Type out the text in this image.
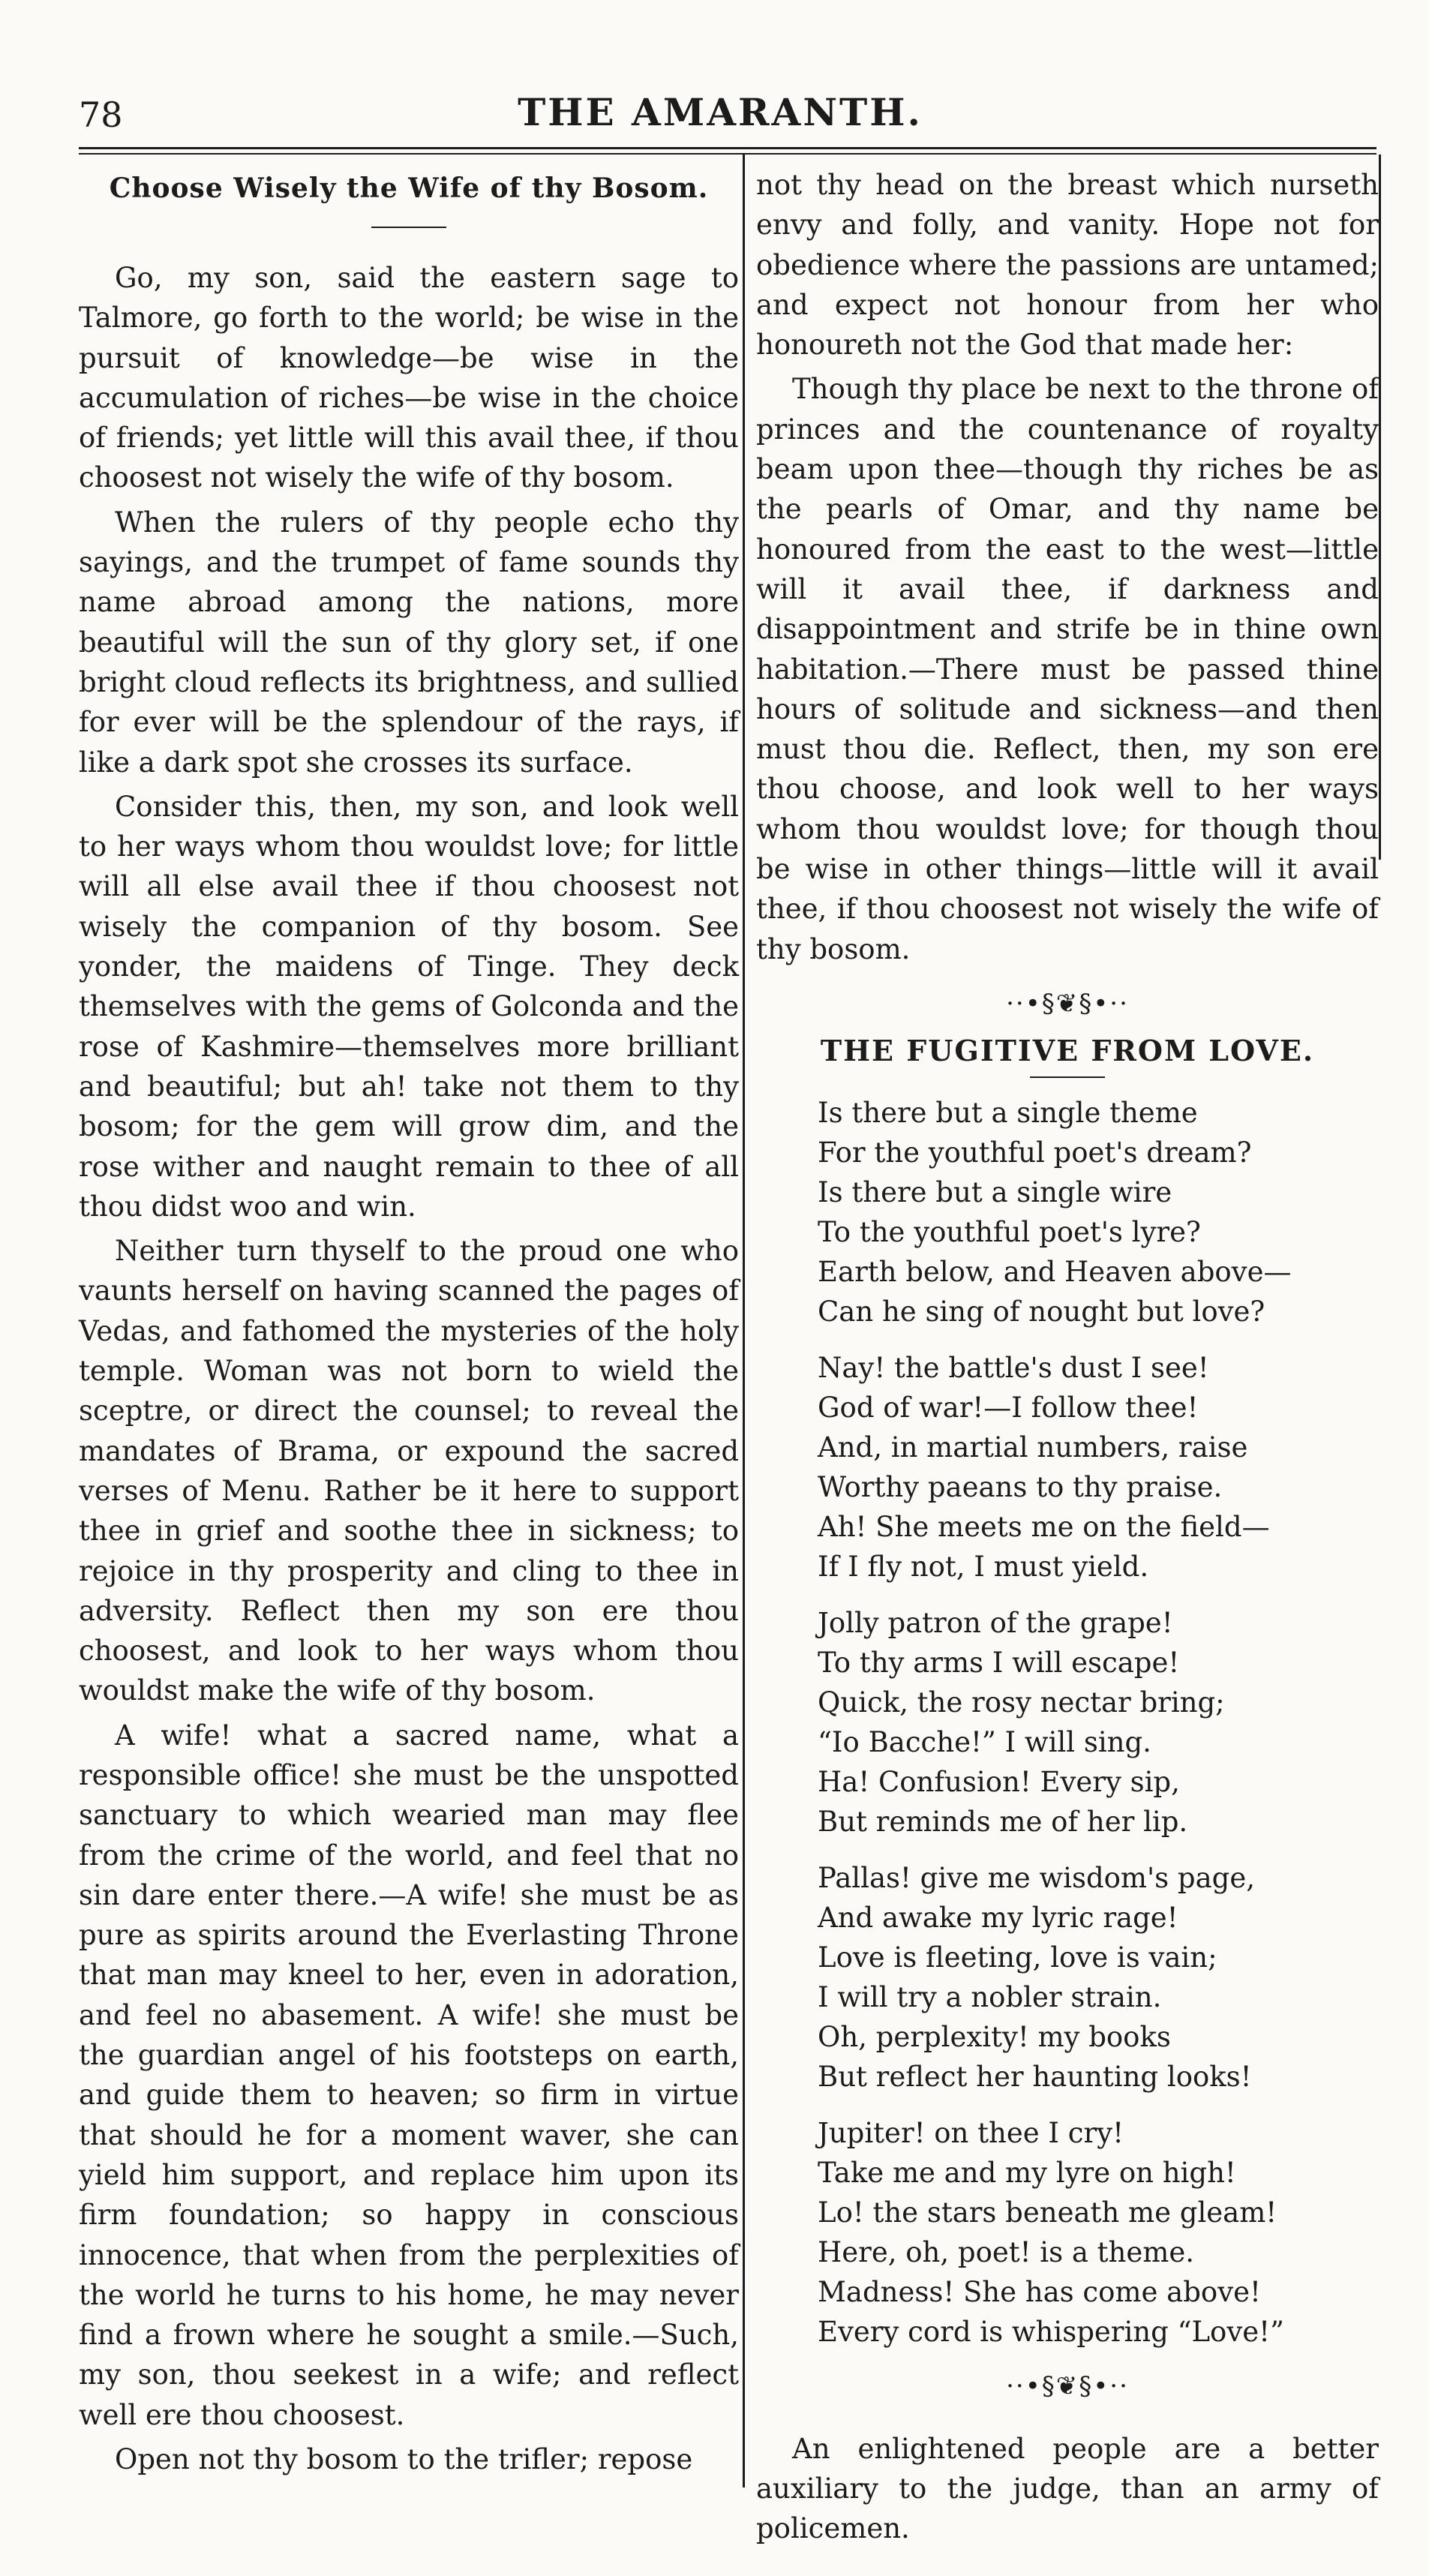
78	THE AMARANTH.
Choose Wisely the Wife of thy Bosom.

Go, my son, said the eastern sage to Talmore, go forth to the world; be wise in the pursuit of knowledge—be wise in the accumulation of riches—be wise in the choice of friends; yet little will this avail thee, if thou choosest not wisely the wife of thy bosom.

When the rulers of thy people echo thy sayings, and the trumpet of fame sounds thy name abroad among the nations, more beautiful will the sun of thy glory set, if one bright cloud reflects its brightness, and sullied for ever will be the splendour of the rays, if like a dark spot she crosses its surface.

Consider this, then, my son, and look well to her ways whom thou wouldst love; for little will all else avail thee if thou choosest not wisely the companion of thy bosom. See yonder, the maidens of Tinge. They deck themselves with the gems of Golconda and the rose of Kashmire—themselves more brilliant and beautiful; but ah! take not them to thy bosom; for the gem will grow dim, and the rose wither and naught remain to thee of all thou didst woo and win.

Neither turn thyself to the proud one who vaunts herself on having scanned the pages of Vedas, and fathomed the mysteries of the holy temple. Woman was not born to wield the sceptre, or direct the counsel; to reveal the mandates of Brama, or expound the sacred verses of Menu. Rather be it here to support thee in grief and soothe thee in sickness; to rejoice in thy prosperity and cling to thee in adversity. Reflect then my son ere thou choosest, and look to her ways whom thou wouldst make the wife of thy bosom.

A wife! what a sacred name, what a responsible office! she must be the unspotted sanctuary to which wearied man may flee from the crime of the world, and feel that no sin dare enter there.—A wife! she must be as pure as spirits around the Everlasting Throne that man may kneel to her, even in adoration, and feel no abasement. A wife! she must be the guardian angel of his footsteps on earth, and guide them to heaven; so firm in virtue that should he for a moment waver, she can yield him support, and replace him upon its firm foundation; so happy in conscious innocence, that when from the perplexities of the world he turns to his home, he may never find a frown where he sought a smile.—Such, my son, thou seekest in a wife; and reflect well ere thou choosest.

Open not thy bosom to the trifler; repose

not thy head on the breast which nurseth envy and folly, and vanity. Hope not for obedience where the passions are untamed; and expect not honour from her who honoureth not the God that made her:

Though thy place be next to the throne of princes and the countenance of royalty beam upon thee—though thy riches be as the pearls of Omar, and thy name be honoured from the east to the west—little will it avail thee, if darkness and disappointment and strife be in thine own habitation.—There must be passed thine hours of solitude and sickness—and then must thou die. Reflect, then, my son ere thou choose, and look well to her ways whom thou wouldst love; for though thou be wise in other things—little will it avail thee, if thou choosest not wisely the wife of thy bosom.

··•§❦§•··
THE FUGITIVE FROM LOVE.
Is there but a single theme
For the youthful poet's dream?
Is there but a single wire
To the youthful poet's lyre?
Earth below, and Heaven above—
Can he sing of nought but love?
Nay! the battle's dust I see!
God of war!—I follow thee!
And, in martial numbers, raise
Worthy paeans to thy praise.
Ah! She meets me on the field—
If I fly not, I must yield.
Jolly patron of the grape!
To thy arms I will escape!
Quick, the rosy nectar bring;
“Io Bacche!” I will sing.
Ha! Confusion! Every sip,
But reminds me of her lip.
Pallas! give me wisdom's page,
And awake my lyric rage!
Love is fleeting, love is vain;
I will try a nobler strain.
Oh, perplexity! my books
But reflect her haunting looks!
Jupiter! on thee I cry!
Take me and my lyre on high!
Lo! the stars beneath me gleam!
Here, oh, poet! is a theme.
Madness! She has come above!
Every cord is whispering “Love!”
··•§❦§•··

An enlightened people are a better auxiliary to the judge, than an army of policemen.
